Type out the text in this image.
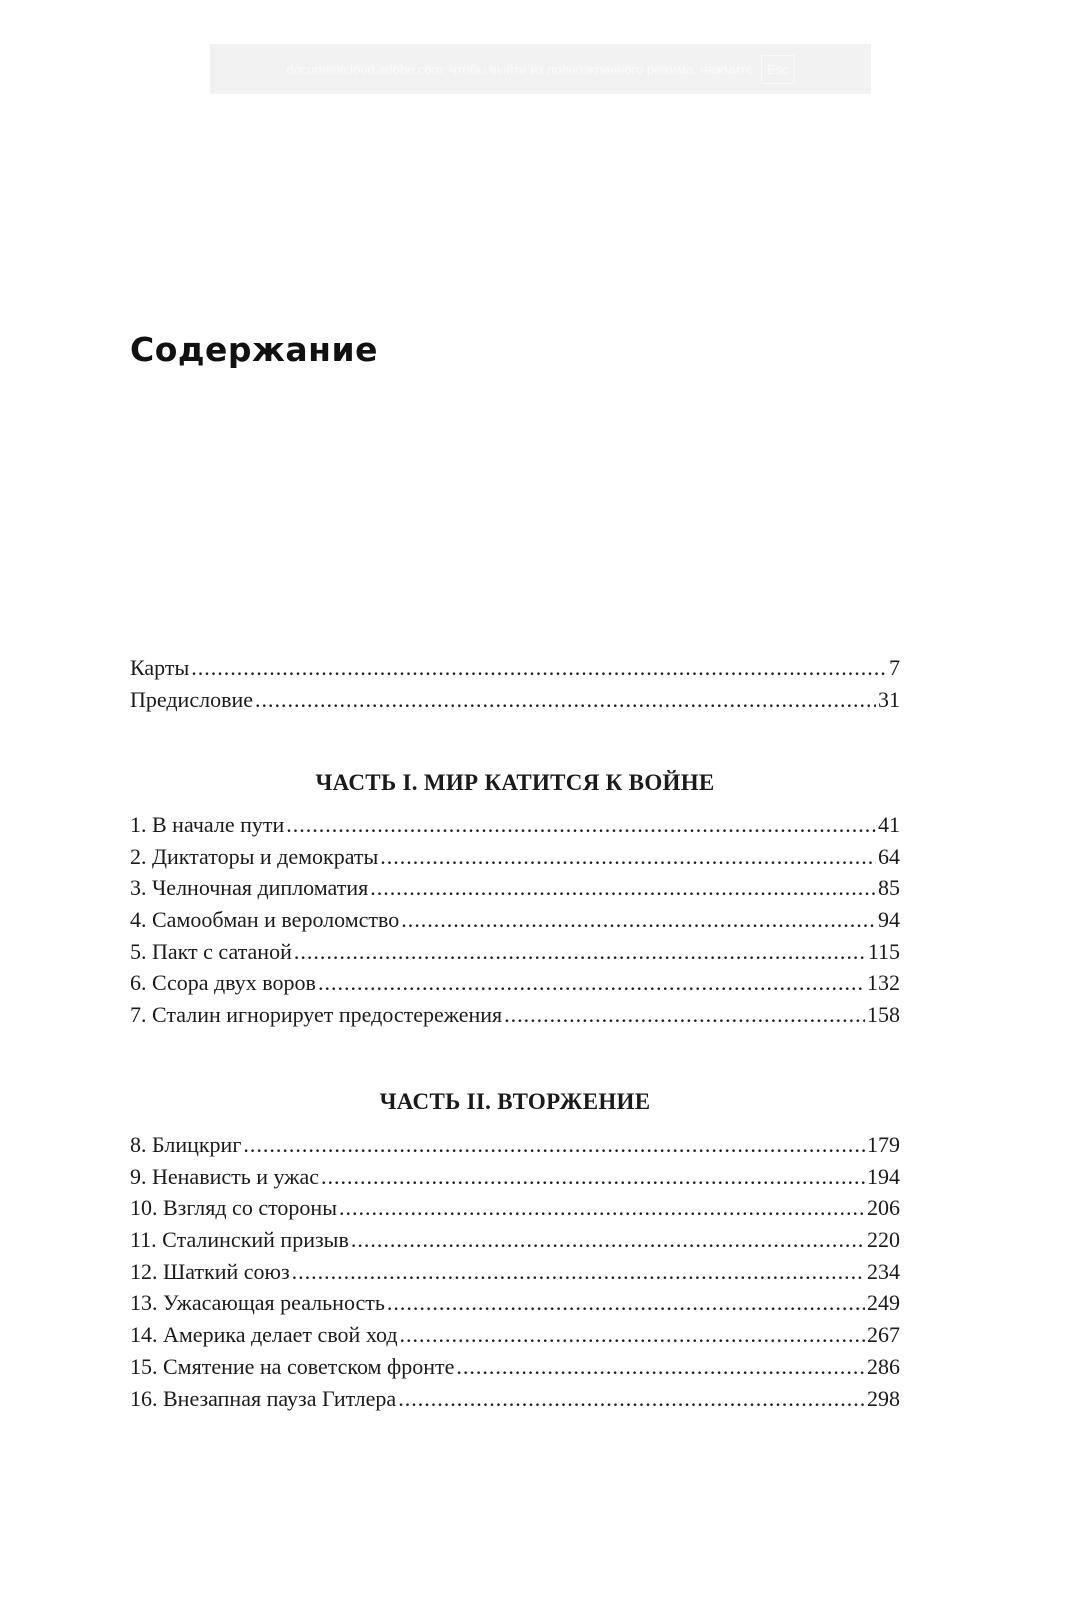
documentcloud.adobe.com: чтобы выйти из полноэкранного режима, нажмите	Esc
Содержание
Карты .....	7
Предисловие .....	31
ЧАСТЬ I. МИР КАТИТСЯ К ВОЙНЕ
1. В начале пути .....	41
2. Диктаторы и демократы .....	64
3. Челночная дипломатия .....	85
4. Самообман и вероломство .....	94
5. Пакт с сатаной .....	115
6. Ссора двух воров .....	132
7. Сталин игнорирует предостережения .....	158
ЧАСТЬ II. ВТОРЖЕНИЕ
8. Блицкриг .....	179
9. Ненависть и ужас .....	194
10. Взгляд со стороны .....	206
11. Сталинский призыв .....	220
12. Шаткий союз .....	234
13. Ужасающая реальность .....	249
14. Америка делает свой ход .....	267
15. Смятение на советском фронте .....	286
16. Внезапная пауза Гитлера .....	298
